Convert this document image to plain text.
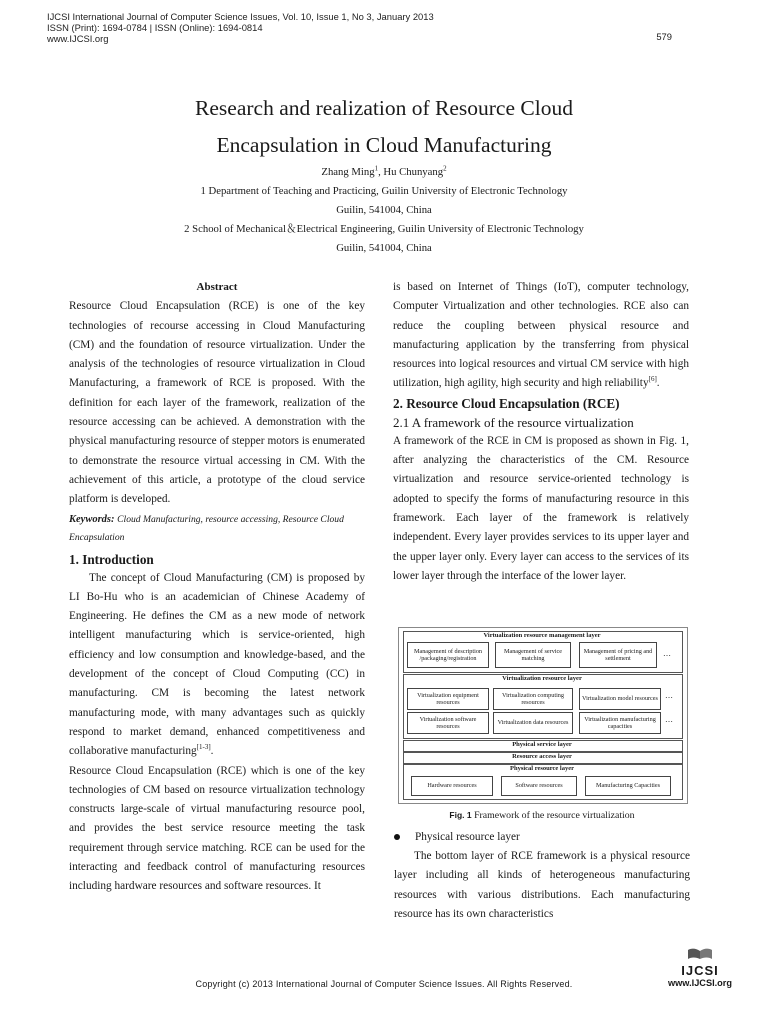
IJCSI International Journal of Computer Science Issues, Vol. 10, Issue 1, No 3, January 2013
ISSN (Print): 1694-0784 | ISSN (Online): 1694-0814
www.IJCSI.org	579
Research and realization of Resource Cloud
Encapsulation in Cloud Manufacturing
Zhang Ming$^1$, Hu Chunyang$^2$
1 Department of Teaching and Practicing, Guilin University of Electronic Technology
Guilin, 541004, China
2 School of Mechanical＆Electrical Engineering, Guilin University of Electronic Technology
Guilin, 541004, China

Abstract

Resource Cloud Encapsulation (RCE) is one of the key technologies of recourse accessing in Cloud Manufacturing (CM) and the foundation of resource virtualization. Under the analysis of the technologies of resource virtualization in Cloud Manufacturing, a framework of RCE is proposed. With the definition for each layer of the framework, realization of the resource accessing can be achieved. A demonstration with the physical manufacturing resource of stepper motors is enumerated to demonstrate the resource virtual accessing in CM. With the achievement of this article, a prototype of the cloud service platform is developed.

Keywords: Cloud Manufacturing, resource accessing, Resource Cloud Encapsulation

1. Introduction

The concept of Cloud Manufacturing (CM) is proposed by LI Bo-Hu who is an academician of Chinese Academy of Engineering. He defines the CM as a new mode of network intelligent manufacturing which is service-oriented, high efficiency and low consumption and knowledge-based, and the development of the concept of Cloud Computing (CC) in manufacturing. CM is becoming the latest network manufacturing mode, with many advantages such as quickly respond to market demand, enhanced competitiveness and collaborative manufacturing[1-3].

Resource Cloud Encapsulation (RCE) which is one of the key technologies of CM based on resource virtualization technology constructs large-scale of virtual manufacturing resource pool, and provides the best service resource meeting the task requirement through service matching. RCE can be used for the interacting and feedback control of manufacturing resources including hardware resources and software resources. It

is based on Internet of Things (IoT), computer technology, Computer Virtualization and other technologies. RCE also can reduce the coupling between physical resource and manufacturing application by the transferring from physical resources into logical resources and virtual CM service with high utilization, high agility, high security and high reliability[6].

2. Resource Cloud Encapsulation (RCE)

2.1 A framework of the resource virtualization

A framework of the RCE in CM is proposed as shown in Fig. 1, after analyzing the characteristics of the CM. Resource virtualization and resource service-oriented technology is adopted to specify the forms of manufacturing resource in this framework. Each layer of the framework is relatively independent. Every layer provides services to its upper layer and the upper layer only. Every layer can access to the services of its lower layer through the interface of the lower layer.

Virtualization resource management layer
Management of description /packaging/registration
Management of service matching
Management of pricing and settlement
…
Virtualization resource layer
Virtualization equipment resources
Virtualization computing resources
Virtualization model resources …
Virtualization software resources
Virtualization data resources
Virtualization manufacturing capacities
…
Physical service layer
Resource access layer
Physical resource layer
Hardware resources	Software resources	Manufacturing Capacities
Fig. 1 Framework of the resource virtualization
Physical resource layer

The bottom layer of RCE framework is a physical resource layer including all kinds of heterogeneous manufacturing resources with various distributions. Each manufacturing resource has its own characteristics

IJCSI
www.IJCSI.org
Copyright (c) 2013 International Journal of Computer Science Issues. All Rights Reserved.
